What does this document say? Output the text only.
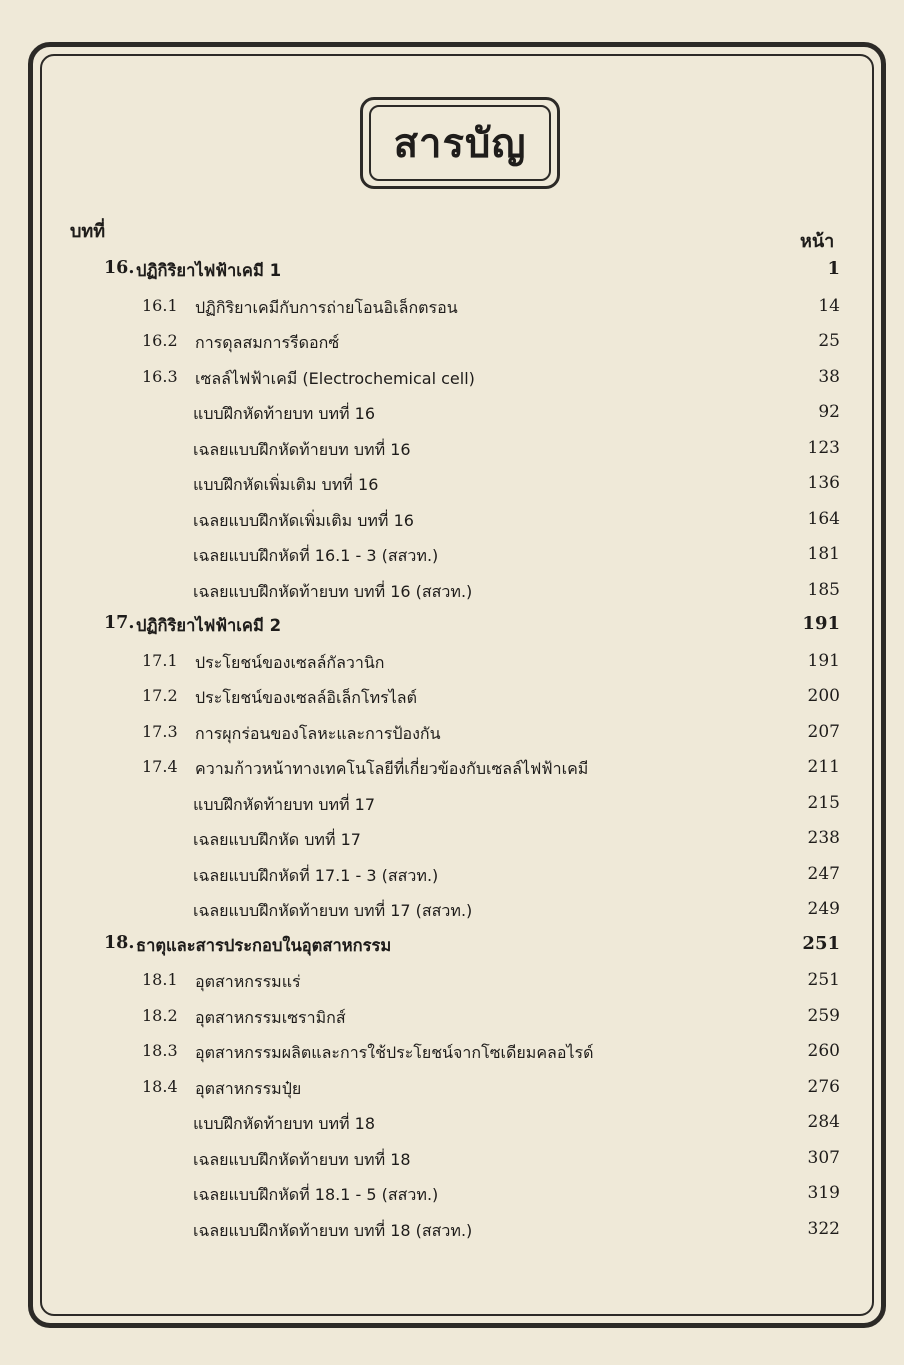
สารบัญ
บทที่	หน้า
16. ปฏิกิริยาไฟฟ้าเคมี 1	1
16.1 ปฏิกิริยาเคมีกับการถ่ายโอนอิเล็กตรอน	14
16.2 การดุลสมการรีดอกซ์	25
16.3 เซลล์ไฟฟ้าเคมี (Electrochemical cell)	38
แบบฝึกหัดท้ายบท บทที่ 16	92
เฉลยแบบฝึกหัดท้ายบท บทที่ 16	123
แบบฝึกหัดเพิ่มเติม บทที่ 16	136
เฉลยแบบฝึกหัดเพิ่มเติม บทที่ 16	164
เฉลยแบบฝึกหัดที่ 16.1 - 3 (สสวท.)	181
เฉลยแบบฝึกหัดท้ายบท บทที่ 16 (สสวท.)	185
17. ปฏิกิริยาไฟฟ้าเคมี 2	191
17.1 ประโยชน์ของเซลล์กัลวานิก	191
17.2 ประโยชน์ของเซลล์อิเล็กโทรไลต์	200
17.3 การผุกร่อนของโลหะและการป้องกัน	207
17.4 ความก้าวหน้าทางเทคโนโลยีที่เกี่ยวข้องกับเซลล์ไฟฟ้าเคมี	211
แบบฝึกหัดท้ายบท บทที่ 17	215
เฉลยแบบฝึกหัด บทที่ 17	238
เฉลยแบบฝึกหัดที่ 17.1 - 3 (สสวท.)	247
เฉลยแบบฝึกหัดท้ายบท บทที่ 17 (สสวท.)	249
18. ธาตุและสารประกอบในอุตสาหกรรม	251
18.1 อุตสาหกรรมแร่	251
18.2 อุตสาหกรรมเซรามิกส์	259
18.3 อุตสาหกรรมผลิตและการใช้ประโยชน์จากโซเดียมคลอไรด์	260
18.4 อุตสาหกรรมปุ๋ย	276
แบบฝึกหัดท้ายบท บทที่ 18	284
เฉลยแบบฝึกหัดท้ายบท บทที่ 18	307
เฉลยแบบฝึกหัดที่ 18.1 - 5 (สสวท.)	319
เฉลยแบบฝึกหัดท้ายบท บทที่ 18 (สสวท.)	322
